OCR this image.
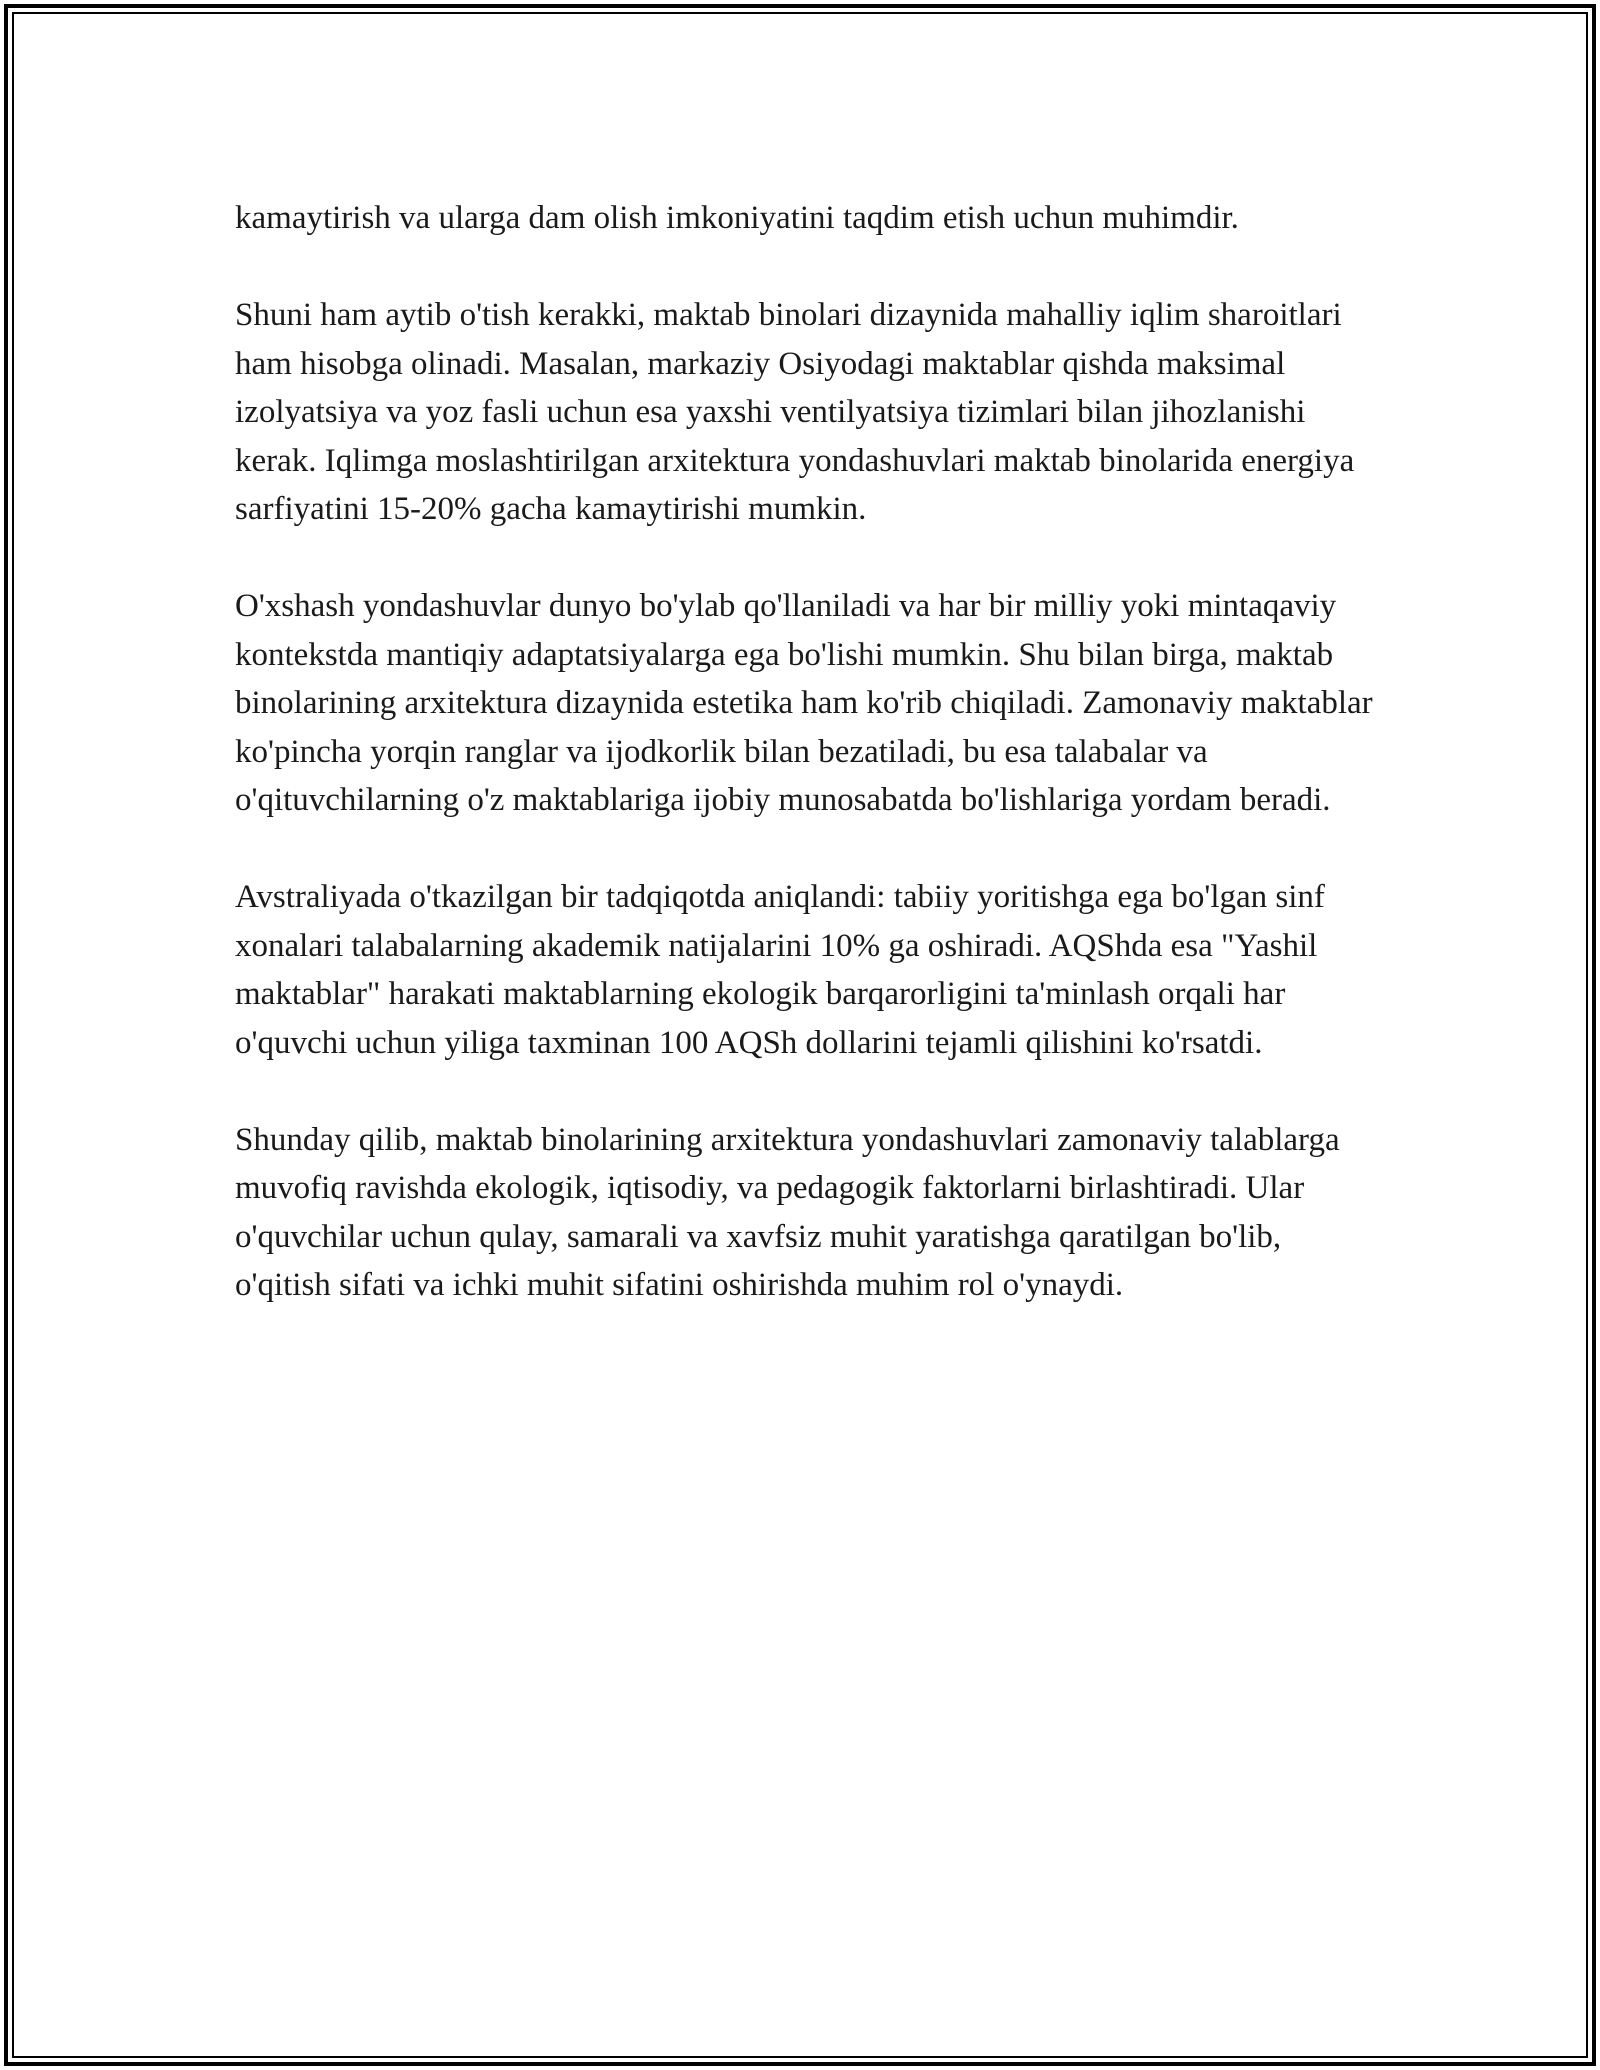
kamaytirish va ularga dam olish imkoniyatini taqdim etish uchun muhimdir.

Shuni ham aytib o'tish kerakki, maktab binolari dizaynida mahalliy iqlim sharoitlari ham hisobga olinadi. Masalan, markaziy Osiyodagi maktablar qishda maksimal izolyatsiya va yoz fasli uchun esa yaxshi ventilyatsiya tizimlari bilan jihozlanishi kerak. Iqlimga moslashtirilgan arxitektura yondashuvlari maktab binolarida energiya sarfiyatini 15-20% gacha kamaytirishi mumkin.

O'xshash yondashuvlar dunyo bo'ylab qo'llaniladi va har bir milliy yoki mintaqaviy kontekstda mantiqiy adaptatsiyalarga ega bo'lishi mumkin. Shu bilan birga, maktab binolarining arxitektura dizaynida estetika ham ko'rib chiqiladi. Zamonaviy maktablar ko'pincha yorqin ranglar va ijodkorlik bilan bezatiladi, bu esa talabalar va o'qituvchilarning o'z maktablariga ijobiy munosabatda bo'lishlariga yordam beradi.

Avstraliyada o'tkazilgan bir tadqiqotda aniqlandi: tabiiy yoritishga ega bo'lgan sinf xonalari talabalarning akademik natijalarini 10% ga oshiradi. AQShda esa "Yashil maktablar" harakati maktablarning ekologik barqarorligini ta'minlash orqali har o'quvchi uchun yiliga taxminan 100 AQSh dollarini tejamli qilishini ko'rsatdi.

Shunday qilib, maktab binolarining arxitektura yondashuvlari zamonaviy talablarga muvofiq ravishda ekologik, iqtisodiy, va pedagogik faktorlarni birlashtiradi. Ular o'quvchilar uchun qulay, samarali va xavfsiz muhit yaratishga qaratilgan bo'lib, o'qitish sifati va ichki muhit sifatini oshirishda muhim rol o'ynaydi.
